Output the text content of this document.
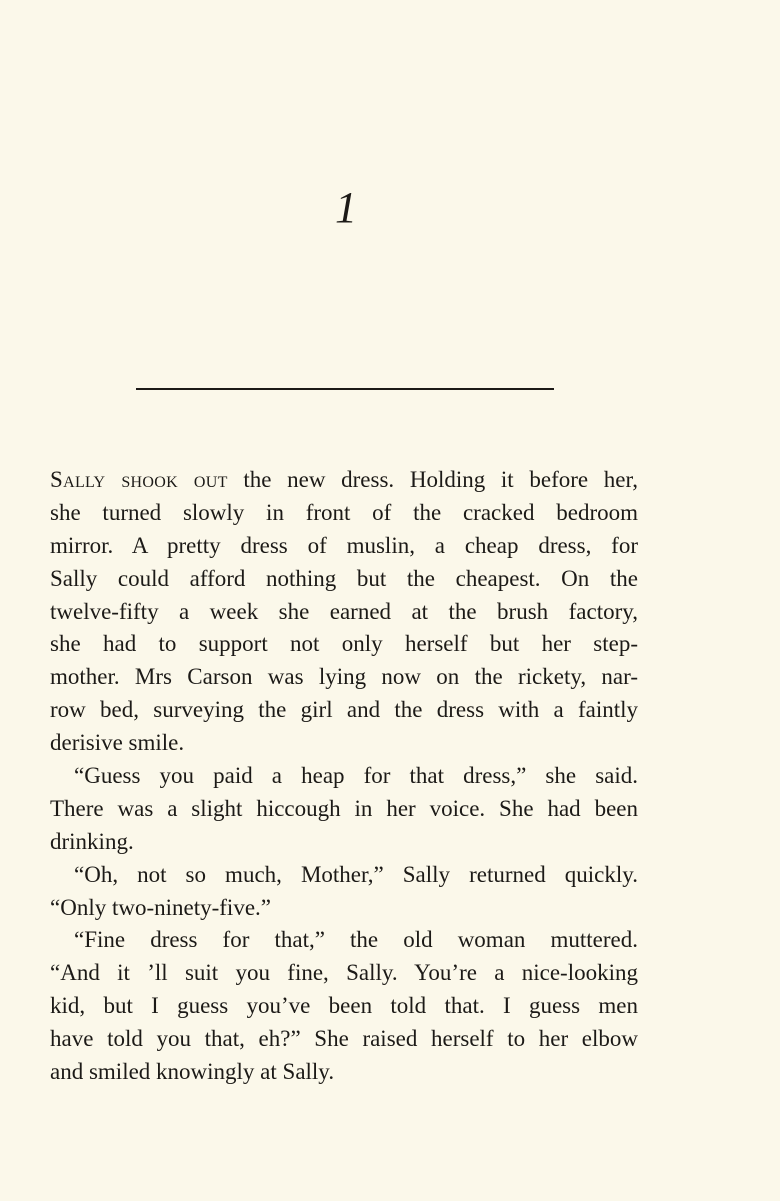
1
Sally shook out the new dress. Holding it before her,
she turned slowly in front of the cracked bedroom
mirror. A pretty dress of muslin, a cheap dress, for
Sally could afford nothing but the cheapest. On the
twelve-fifty a week she earned at the brush factory,
she had to support not only herself but her step-
mother. Mrs Carson was lying now on the rickety, nar-
row bed, surveying the girl and the dress with a faintly
derisive smile.
“Guess you paid a heap for that dress,” she said.
There was a slight hiccough in her voice. She had been
drinking.
“Oh, not so much, Mother,” Sally returned quickly.
“Only two-ninety-five.”
“Fine dress for that,” the old woman muttered.
“And it ’ll suit you fine, Sally. You’re a nice-looking
kid, but I guess you’ve been told that. I guess men
have told you that, eh?” She raised herself to her elbow
and smiled knowingly at Sally.
